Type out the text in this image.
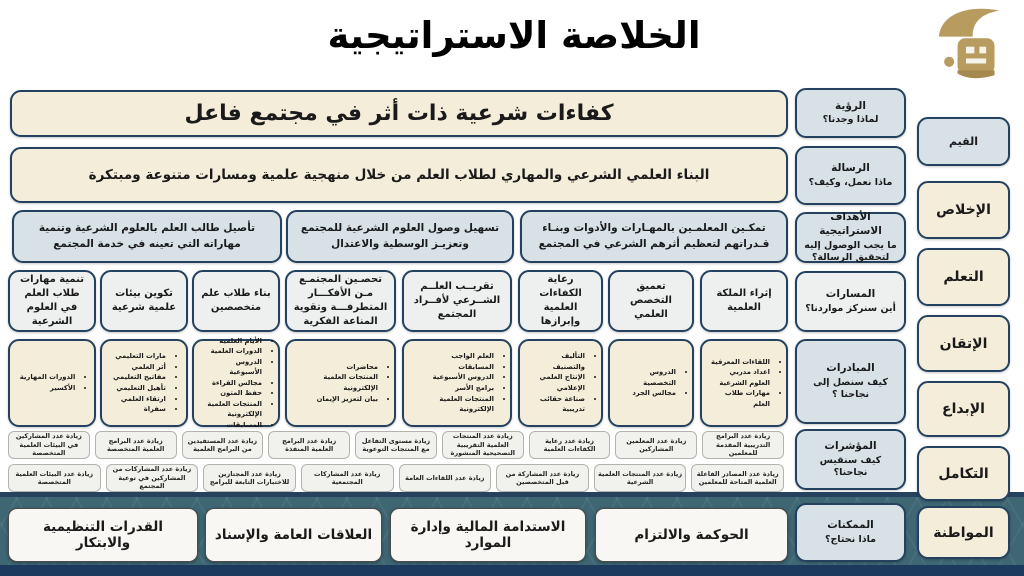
الخلاصة الاستراتيجية
القيم
الإخلاص
التعلم
الإتقان
الإبداع
التكامل
المواطنة
الرؤية
لماذا وجدنا؟
الرسالة
ماذا نعمل، وكيف؟
الأهداف الاستراتيجية
ما يجب الوصول إليه لتحقيق الرسالة؟
المسارات
أين سنركز مواردنا؟
المبادرات
كيف سنصل إلى نجاحنا ؟
المؤشرات
كيف سنقيس نجاحنا؟
الممكنات
ماذا نحتاج؟
كفاءات شرعية ذات أثر في مجتمع فاعل
البناء العلمي الشرعي والمهاري لطلاب العلم من خلال منهجية علمية ومسارات متنوعة ومبتكرة
تمكـين المعلمـين بالمهـارات والأدوات وبنـاء قـدراتهم لتعظيم أثرهم الشرعي في المجتمع
تسهيل وصول العلوم الشرعية للمجتمع وتعزيـز الوسطية والاعتدال
تأصيل طالب العلم بالعلوم الشرعية وتنمية مهاراته التي تعينه في خدمة المجتمع
إثراء الملكة العلمية
تعميق التخصص العلمي
رعاية الكفاءات العلمية وإبرازها
تقريــب العلــم الشــرعي لأفــراد المجتمع
تحصـين المجتمـع مـن الأفكـــار المتطرفـــة وتقوية المناعة الفكرية
بناء طلاب علم متخصصين
تكوين بيئات علمية شرعية
تنمية مهارات طلاب العلم في العلوم الشرعية
• اللقاءات المعرفية
• اعداد مدربي العلوم الشرعية
• مهارات طلاب العلم
• الدروس التخصصية
• مجالس الجرد
• التأليف والتصنيف
• الإنتاج العلمي الإعلامي
• صناعة حقائب تدريبية
• العلم الواجب
• المسابقات
• الدروس الأسبوعية
• برامج الأسر
• المنتجات العلمية الإلكترونية
• محاضرات
• المنتجات العلمية الإلكترونية
• بيان لتعزيز الإيمان
• الأيام العلمية
• الدورات العلمية
• الدروس الأسبوعية
• مجالس القراءة
• حفظ المتون
• المنتجات العلمية الإلكترونية
• المسابقات
• مارات التعليمي
• أثر العلمي
• مفاتيح التعليمي
• تأهيل التعليمي
• ارتقاء العلمي
• سفراة
• الدورات المهارية
• الأكسير
زيادة عدد البرامج التدريبية المقدمة للمعلمين
زيادة عدد المعلمين المشاركين
زيادة عدد رعاية الكفاءات العلمية
زيادة عدد المنتجات العلمية التقريبية التصحيحية المنشورة
زيادة مستوى التفاعل مع المنتجات التوعوية
زيادة عدد البرامج العلمية المنفذة
زيادة عدد المستفيدين من البرامج العلمية
زيادة عدد البرامج العلمية المتخصصة
زيادة عدد المشاركين في البيئات العلمية المتخصصة
زيادة عدد المصادر الفاعلة العلمية المتاحة للمعلمين
زيادة عدد المنتجات العلمية الشرعية
زيادة عدد المشاركة من قبل المتخصصين
زيادة عدد اللقاءات العامة
زيادة عدد المشاركات المجتمعية
زيادة عدد المجتازين للاختبارات التابعة للبرامج
زيادة عدد المشاركات من المشاركين في توعية المجتمع
زيادة عدد البيئات العلمية المتخصصة
الحوكمة والالتزام
الاستدامة المالية وإدارة الموارد
العلاقات العامة والإسناد
القدرات التنظيمية والابتكار
